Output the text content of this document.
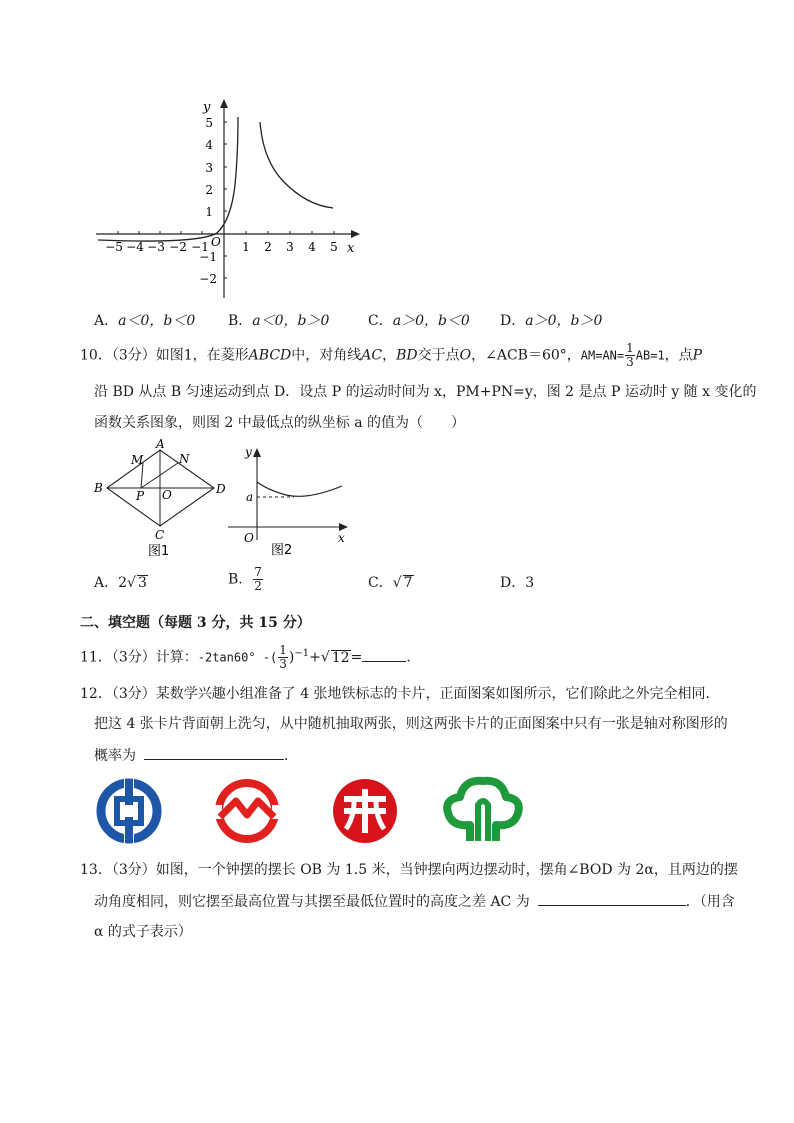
y
x
O
−5 −4 −3 −2 −1	1 2 3 4 5
5
4
3
2
1
−1
−2
A．a＜0，b＜0 B．a＜0，b＞0	C．a＞0，b＜0 D．a＞0，b＞0
10．（3分）如图1，在菱形ABCD中，对角线AC，BD交于点O，∠ACB＝60°，$AM=AN= \frac{1}{3} AB=1$，点P
沿 BD 从点 B 匀速运动到点 D．设点 P 的运动时间为 x，PM+PN=y，图 2 是点 P 运动时 y 随 x 变化的
函数关系图象，则图 2 中最低点的纵坐标 a 的值为（　　）
A
B
C
D
M	N
P O
图1
y
x
O
a
图2
A．2√ 3	B． $\frac{7}{2}$	C．√ 7	D．3
二、填空题（每题 3 分，共 15 分）
11．（3分）计算：-2tan60° -( $\frac{1}{3} )^{-1}+√$ 12=	．
12．（3分）某数学兴趣小组准备了 4 张地铁标志的卡片，正面图案如图所示，它们除此之外完全相同．
把这 4 张卡片背面朝上洗匀，从中随机抽取两张，则这两张卡片的正面图案中只有一张是轴对称图形的
概率为	．
13．（3分）如图，一个钟摆的摆长 OB 为 1.5 米，当钟摆向两边摆动时，摆角∠BOD 为 2α，且两边的摆
动角度相同，则它摆至最高位置与其摆至最低位置时的高度之差 AC 为	．（用含
α 的式子表示）
